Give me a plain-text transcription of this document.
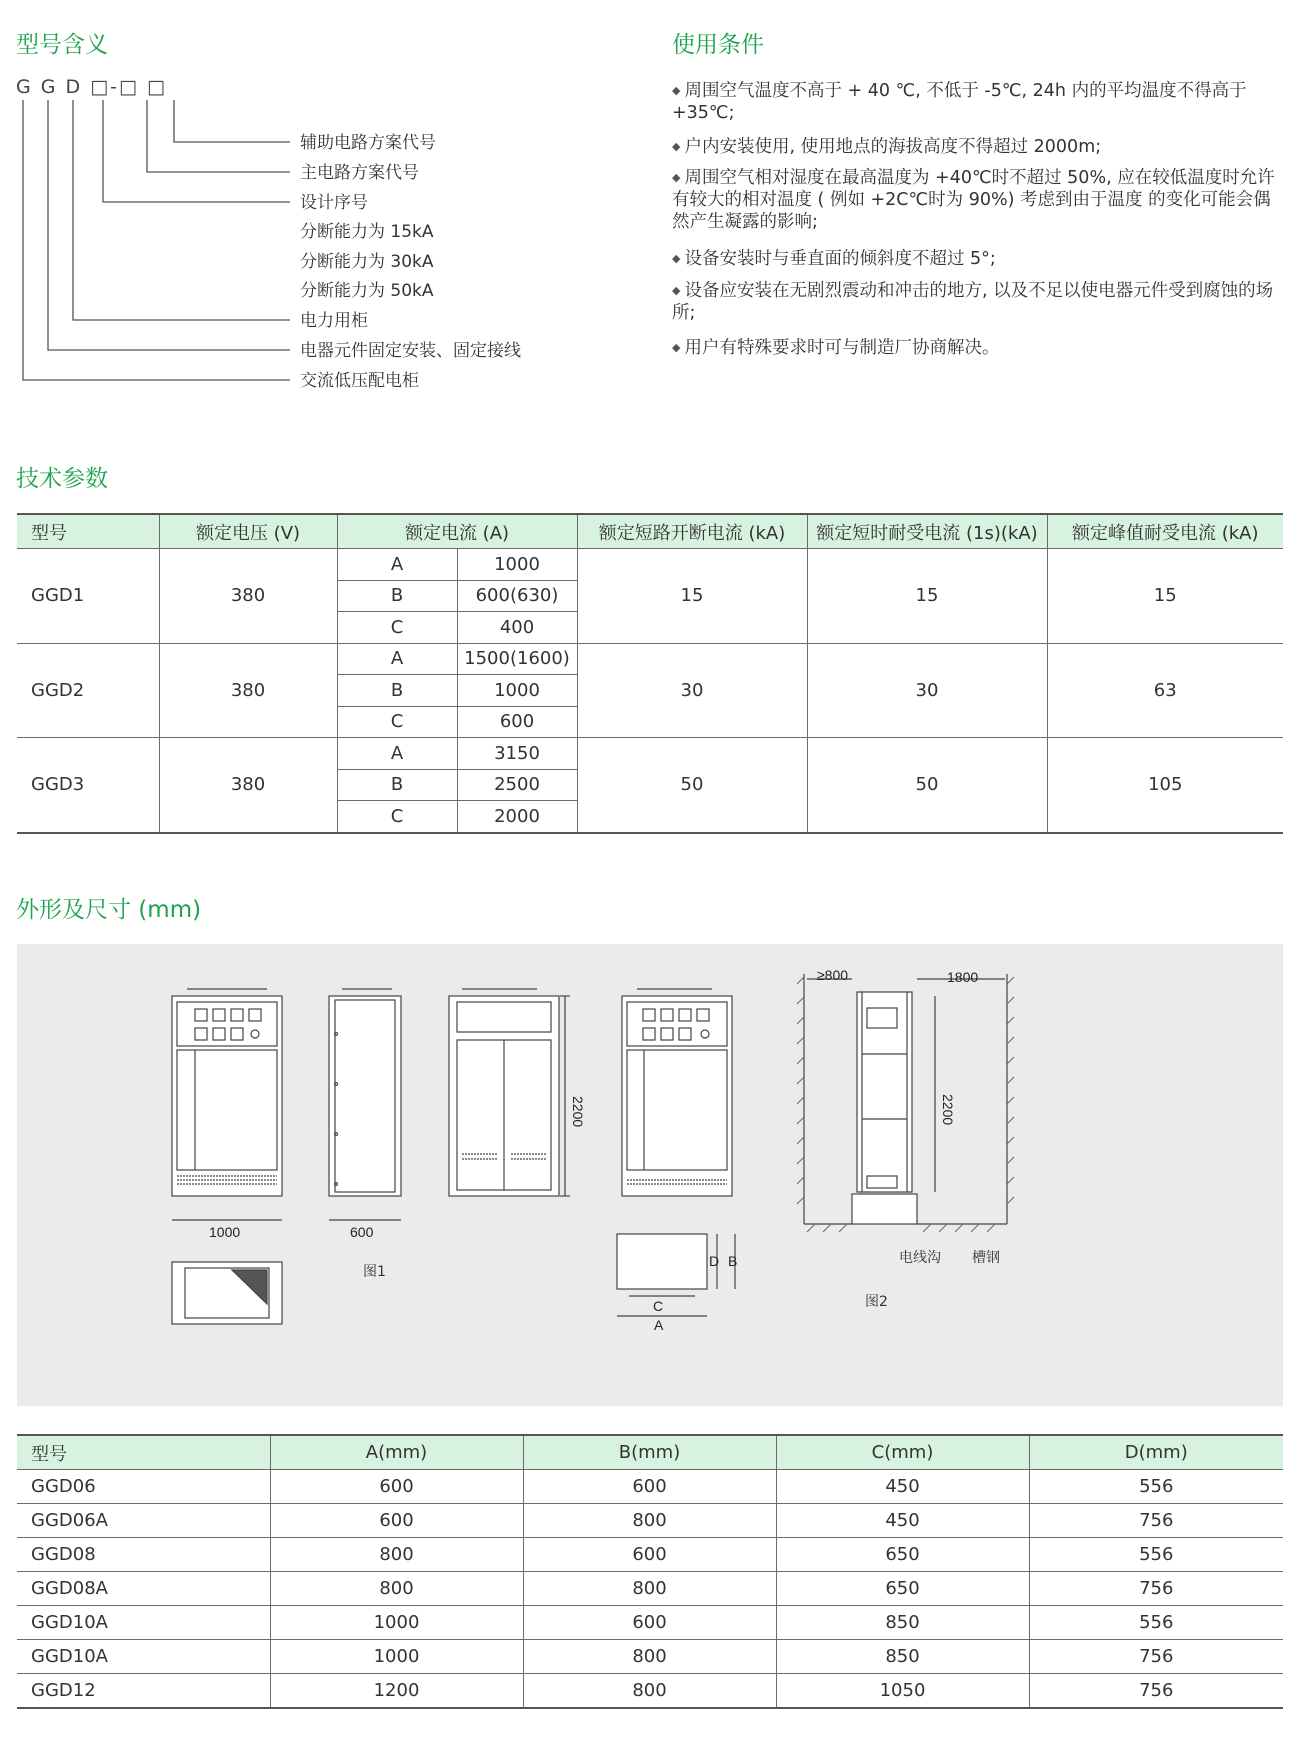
型号含义	使用条件
技术参数
外形及尺寸 (mm)
G G D □-□ □
辅助电路方案代号
主电路方案代号
设计序号
分断能力为 15kA
分断能力为 30kA
分断能力为 50kA
电力用柜
电器元件固定安装、固定接线
交流低压配电柜
◆ 周围空气温度不高于 + 40 ℃, 不低于 -5℃, 24h 内的平均温度不得高于 +35℃;
◆ 户内安装使用, 使用地点的海拔高度不得超过 2000m;
◆ 周围空气相对湿度在最高温度为 +40℃时不超过 50%, 应在较低温度时允许有较大的相对温度 ( 例如 +2C℃时为 90%) 考虑到由于温度 的变化可能会偶然产生凝露的影响;
◆ 设备安装时与垂直面的倾斜度不超过 5°;
◆ 设备应安装在无剧烈震动和冲击的地方, 以及不足以使电器元件受到腐蚀的场所;
◆ 用户有特殊要求时可与制造厂协商解决。
型号	额定电压 (V)	额定电流 (A)		额定短路开断电流 (kA)	额定短时耐受电流 (1s)(kA)	额定峰值耐受电流 (kA)
GGD1	380	A	1000	15	15	15
		B	600(630)			
		C	400			
GGD2	380	A	1500(1600)	30	30	63
		B	1000			
		C	600			
GGD3	380	A	3150	50	50	105
		B	2500			
		C	2000			
1000	600
2200	2200
≥800	1800
C
A
D B	电线沟 槽钢
图1
图2
型号	A(mm)	B(mm)	C(mm)	D(mm)
GGD06	600	600	450	556
GGD06A	600	800	450	756
GGD08	800	600	650	556
GGD08A	800	800	650	756
GGD10A	1000	600	850	556
GGD10A	1000	800	850	756
GGD12	1200	800	1050	756
